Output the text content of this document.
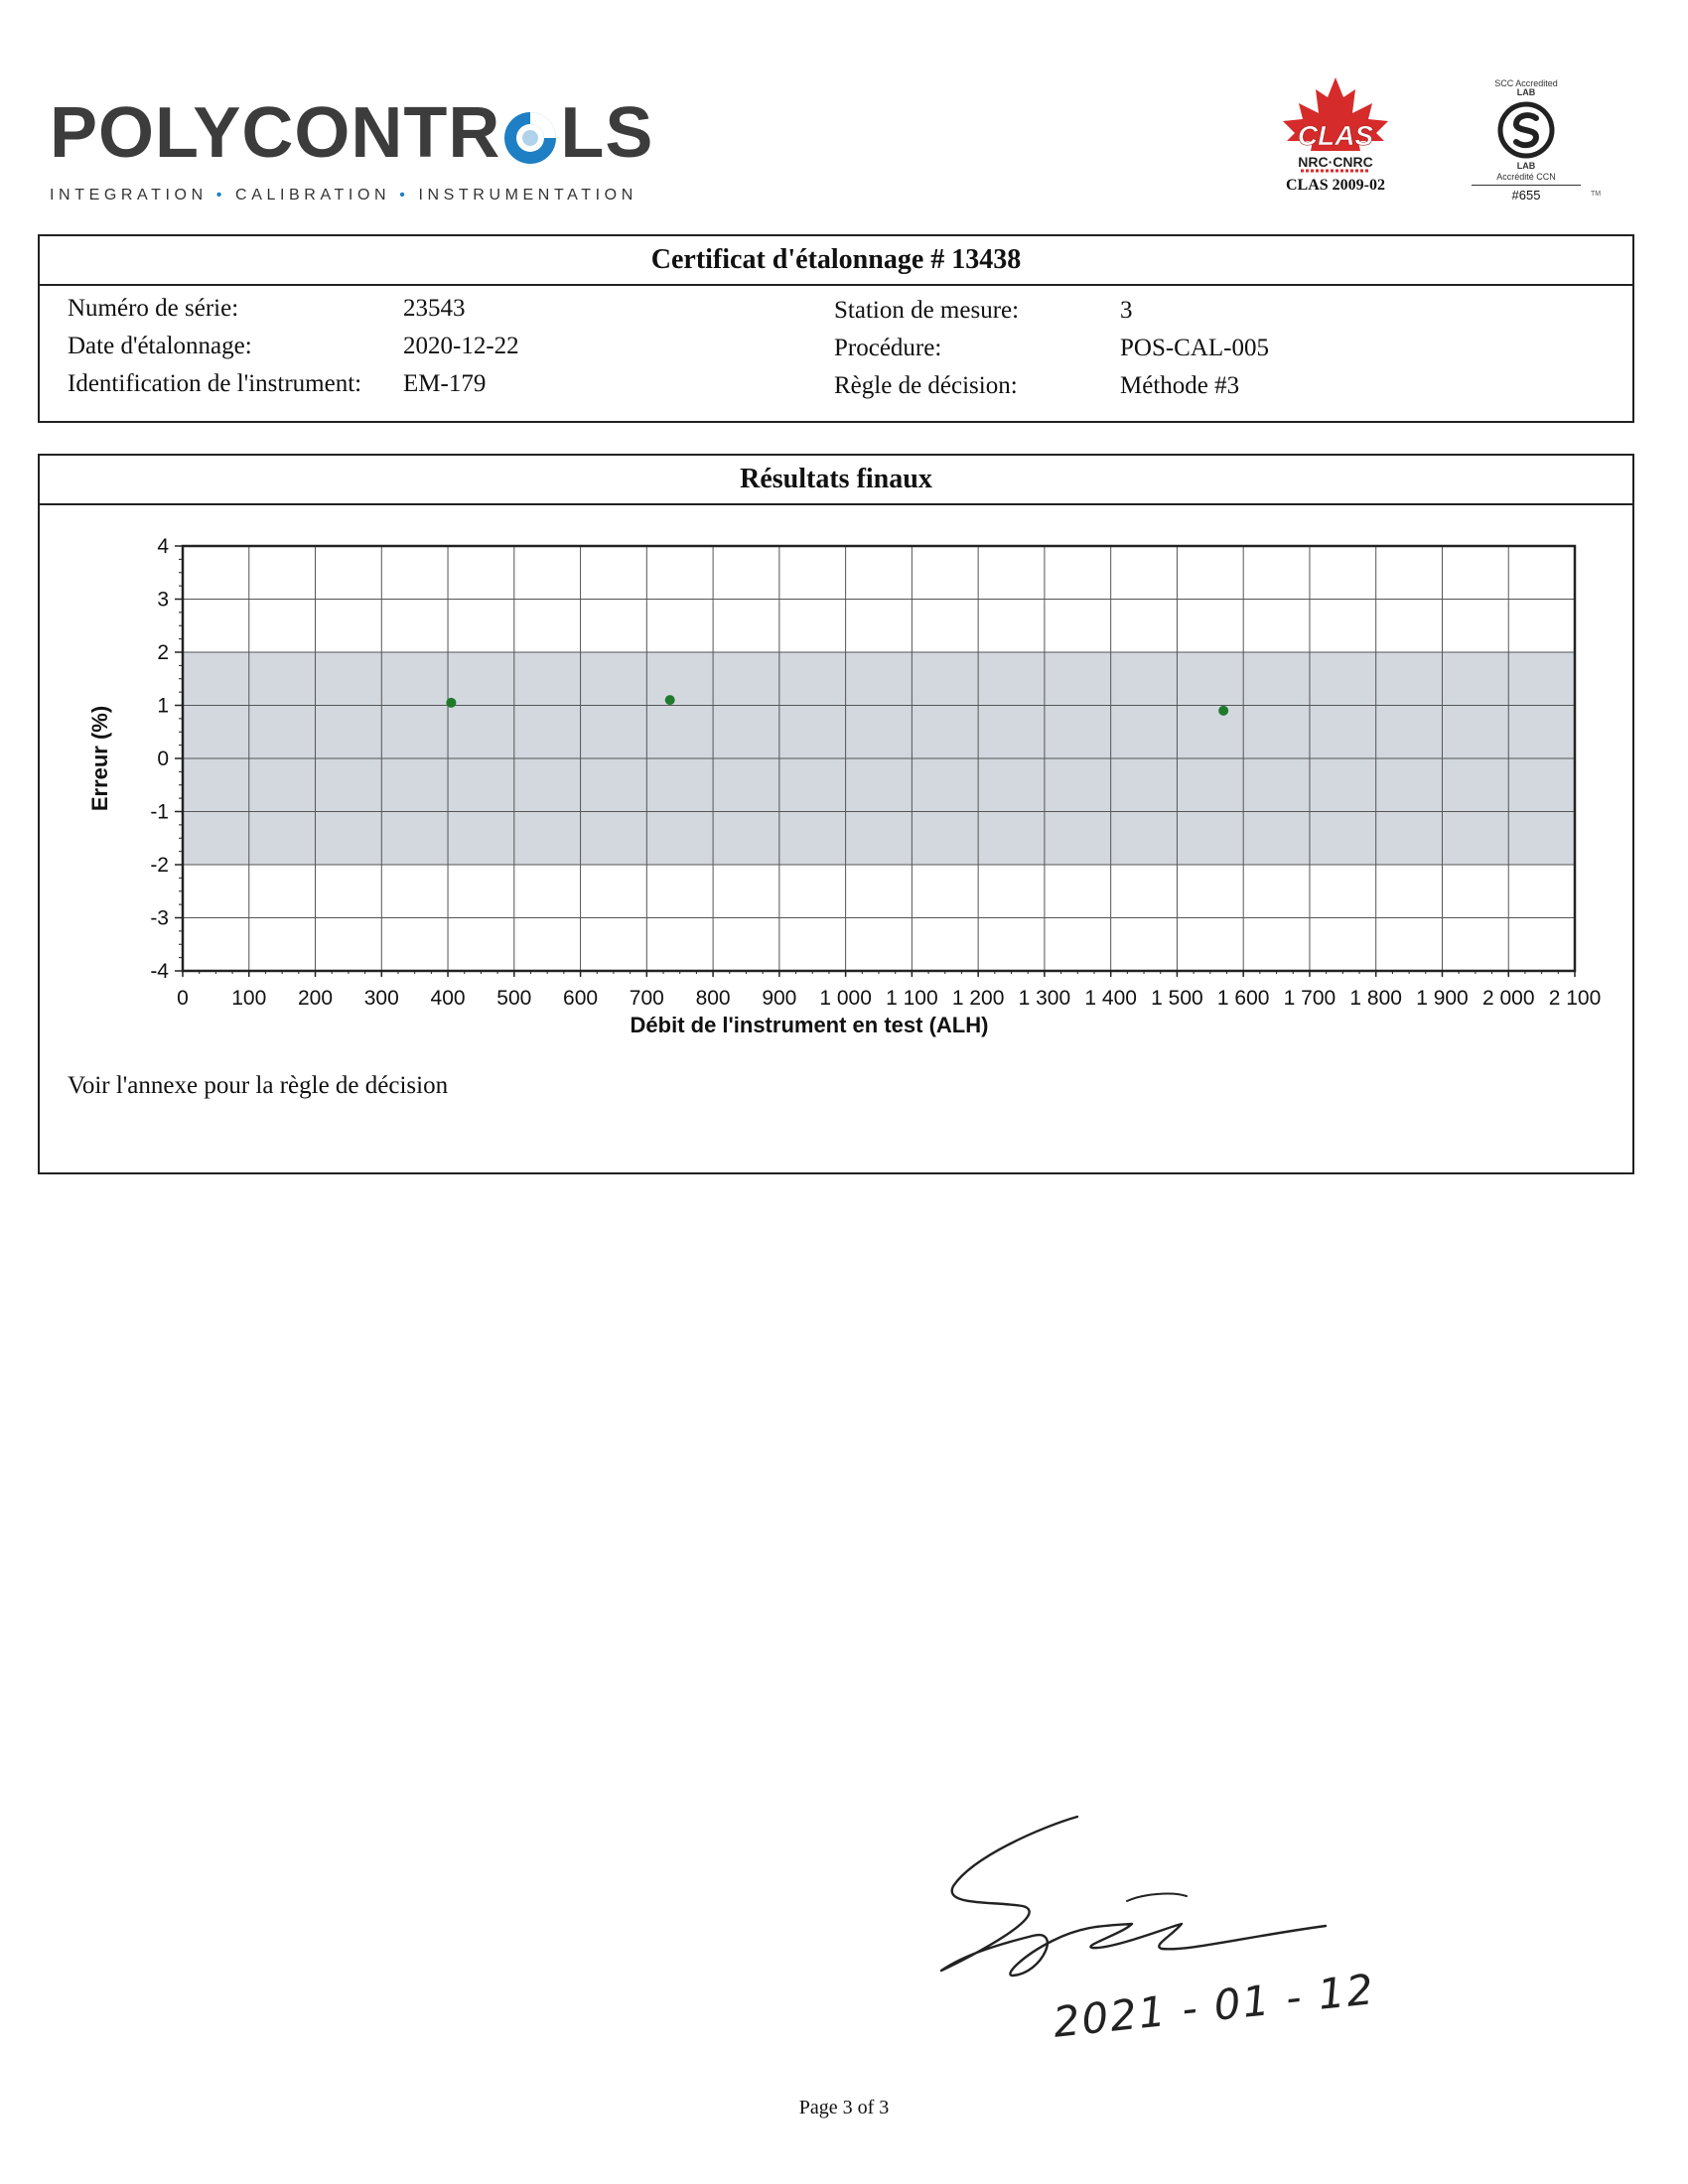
POLYCONTR LS
INTEGRATION • CALIBRATION • INSTRUMENTATION
CLAS
NRC·CNRC
CLAS 2009-02
SCC Accredited
LAB
LAB
Accrédité CCN
#655	TM
Certificat d'étalonnage # 13438
Numéro de série:	23543
Date d'étalonnage:	2020-12-22
Identification de l'instrument: EM-179
Station de mesure:	3
Procédure:	POS-CAL-005
Règle de décision:	Méthode #3
Résultats finaux
0 100 200 300 400 500 600 700 800 900 1 000 1 100 1 200 1 300 1 400 1 500 1 600 1 700 1 800 1 900 2 000 2 100
4
3
2
1
0
-1
-2
-3
-4
Débit de l'instrument en test (ALH)
Erreur (%)
Voir l'annexe pour la règle de décision
2021 - 01 - 12
Page 3 of 3
